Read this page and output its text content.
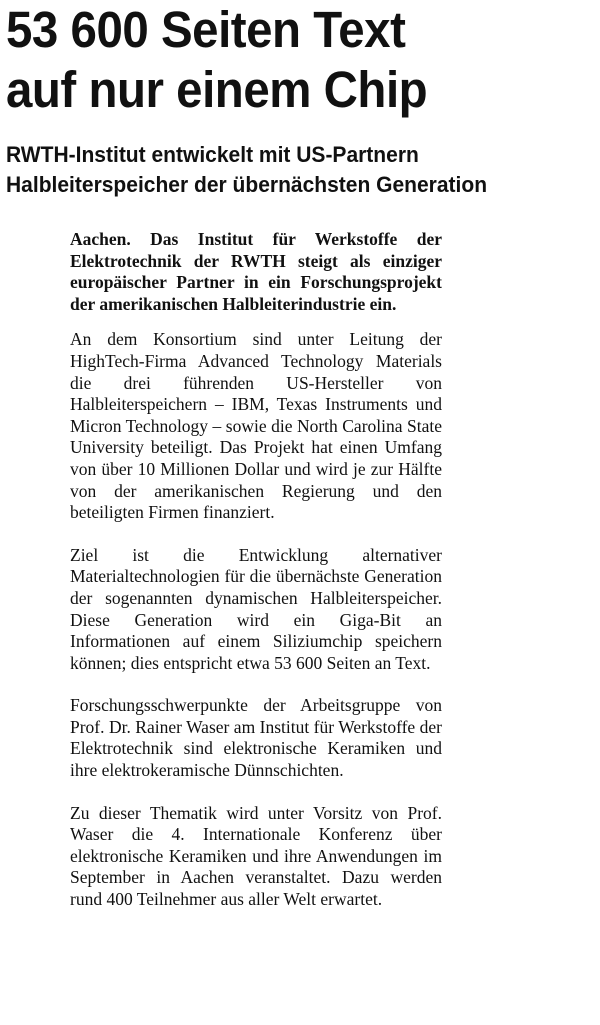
53 600 Seiten Text
auf nur einem Chip
RWTH-Institut entwickelt mit US-Partnern
Halbleiterspeicher der übernächsten Generation

Aachen. Das Institut für Werkstoffe der Elektrotechnik der RWTH steigt als einziger europäischer Partner in ein Forschungsprojekt der amerikanischen Halbleiterindustrie ein.

An dem Konsortium sind unter Leitung der HighTech-Firma Advanced Technology Materials die drei führenden US-Hersteller von Halbleiterspeichern – IBM, Texas Instruments und Micron Technology – sowie die North Carolina State University beteiligt. Das Projekt hat einen Umfang von über 10 Millionen Dollar und wird je zur Hälfte von der amerikanischen Regierung und den beteiligten Firmen finanziert.

Ziel ist die Entwicklung alternativer Materialtechnologien für die übernächste Generation der sogenannten dynamischen Halbleiterspeicher. Diese Generation wird ein Giga-Bit an Informationen auf einem Siliziumchip speichern können; dies entspricht etwa 53 600 Seiten an Text.

Forschungsschwerpunkte der Arbeitsgruppe von Prof. Dr. Rainer Waser am Institut für Werkstoffe der Elektrotechnik sind elektronische Keramiken und ihre elektrokeramische Dünnschichten.

Zu dieser Thematik wird unter Vorsitz von Prof. Waser die 4. Internationale Konferenz über elektronische Keramiken und ihre Anwendungen im September in Aachen veranstaltet. Dazu werden rund 400 Teilnehmer aus aller Welt erwartet.
